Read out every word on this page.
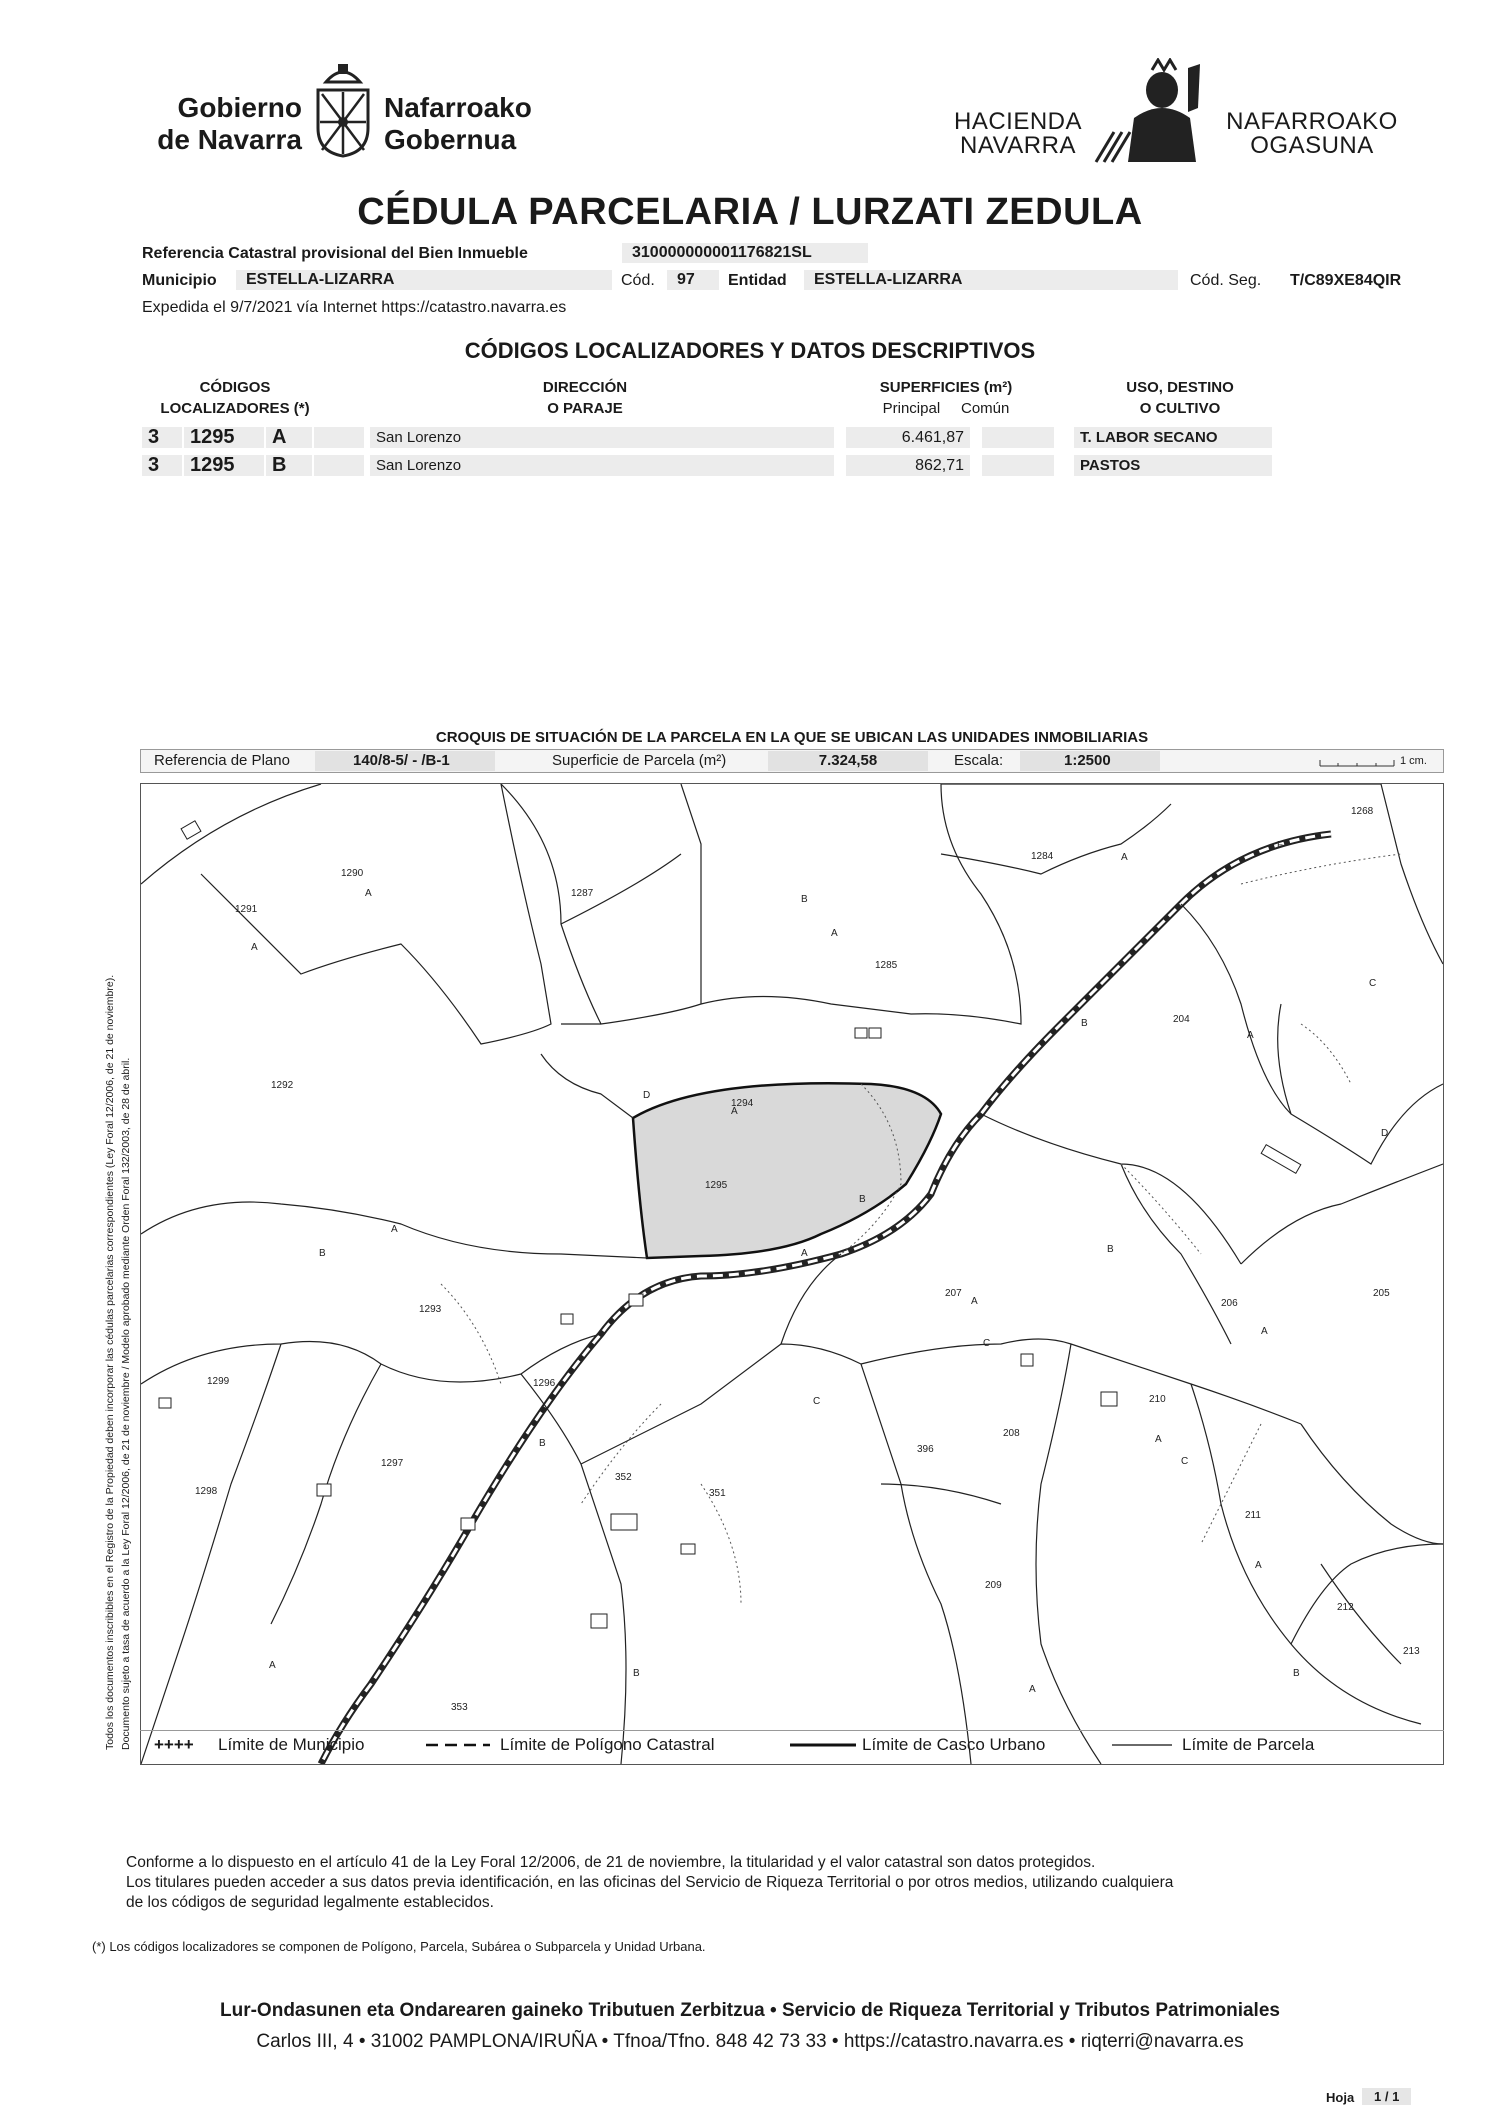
Gobierno
de Navarra
Nafarroako
Gobernua
HACIENDA
NAVARRA
NAFARROAKO
OGASUNA
CÉDULA PARCELARIA / LURZATI ZEDULA
Referencia Catastral provisional del Bien Inmueble	310000000001176821SL
Municipio	ESTELLA-LIZARRA	Cód.	97	Entidad	ESTELLA-LIZARRA	Cód. Seg. T/C89XE84QIR
Expedida el 9/7/2021 vía Internet https://catastro.navarra.es
CÓDIGOS LOCALIZADORES Y DATOS DESCRIPTIVOS
CÓDIGOS
LOCALIZADORES (*)
DIRECCIÓN
O PARAJE
SUPERFICIES (m²)
Principal Común
USO, DESTINO
O CULTIVO
3	1295	A	San Lorenzo	6.461,87	T. LABOR SECANO
3	1295	B	San Lorenzo	862,71	PASTOS
CROQUIS DE SITUACIÓN DE LA PARCELA EN LA QUE SE UBICAN LAS UNIDADES INMOBILIARIAS
Referencia de Plano	140/8-5/ - /B-1	Superficie de Parcela (m²)	7.324,58	Escala:	1:2500	1 cm.
1268
1284
1290
1291
1287
1285
1292
204
1294
1295
207
206
205
1293
1296
1299
1298
1297
352
351
396
208
210
211
209
212
213
353
A
A
A
A
A
A
A
A
A
A
A
A
A
A
B
B
B
B
B
B
B	B
C
C
C
C
D
D
F
++++ Límite de Municipio	Límite de Polígono Catastral	Límite de Casco Urbano	Límite de Parcela
Todos los documentos inscribibles en el Registro de la Propiedad deben incorporar las cédulas parcelarias correspondientes (Ley Foral 12/2006, de 21 de noviembre). Documento sujeto a tasa de acuerdo a la Ley Foral 12/2006, de 21 de noviembre / Modelo aprobado mediante Orden Foral 132/2003, de 28 de abril.
Conforme a lo dispuesto en el artículo 41 de la Ley Foral 12/2006, de 21 de noviembre, la titularidad y el valor catastral son datos protegidos.
Los titulares pueden acceder a sus datos previa identificación, en las oficinas del Servicio de Riqueza Territorial o por otros medios, utilizando cualquiera
de los códigos de seguridad legalmente establecidos.
(*) Los códigos localizadores se componen de Polígono, Parcela, Subárea o Subparcela y Unidad Urbana.
Lur-Ondasunen eta Ondarearen gaineko Tributuen Zerbitzua • Servicio de Riqueza Territorial y Tributos Patrimoniales
Carlos III, 4 • 31002 PAMPLONA/IRUÑA • Tfnoa/Tfno. 848 42 73 33 • https://catastro.navarra.es • riqterri@navarra.es
Hoja	1 / 1
